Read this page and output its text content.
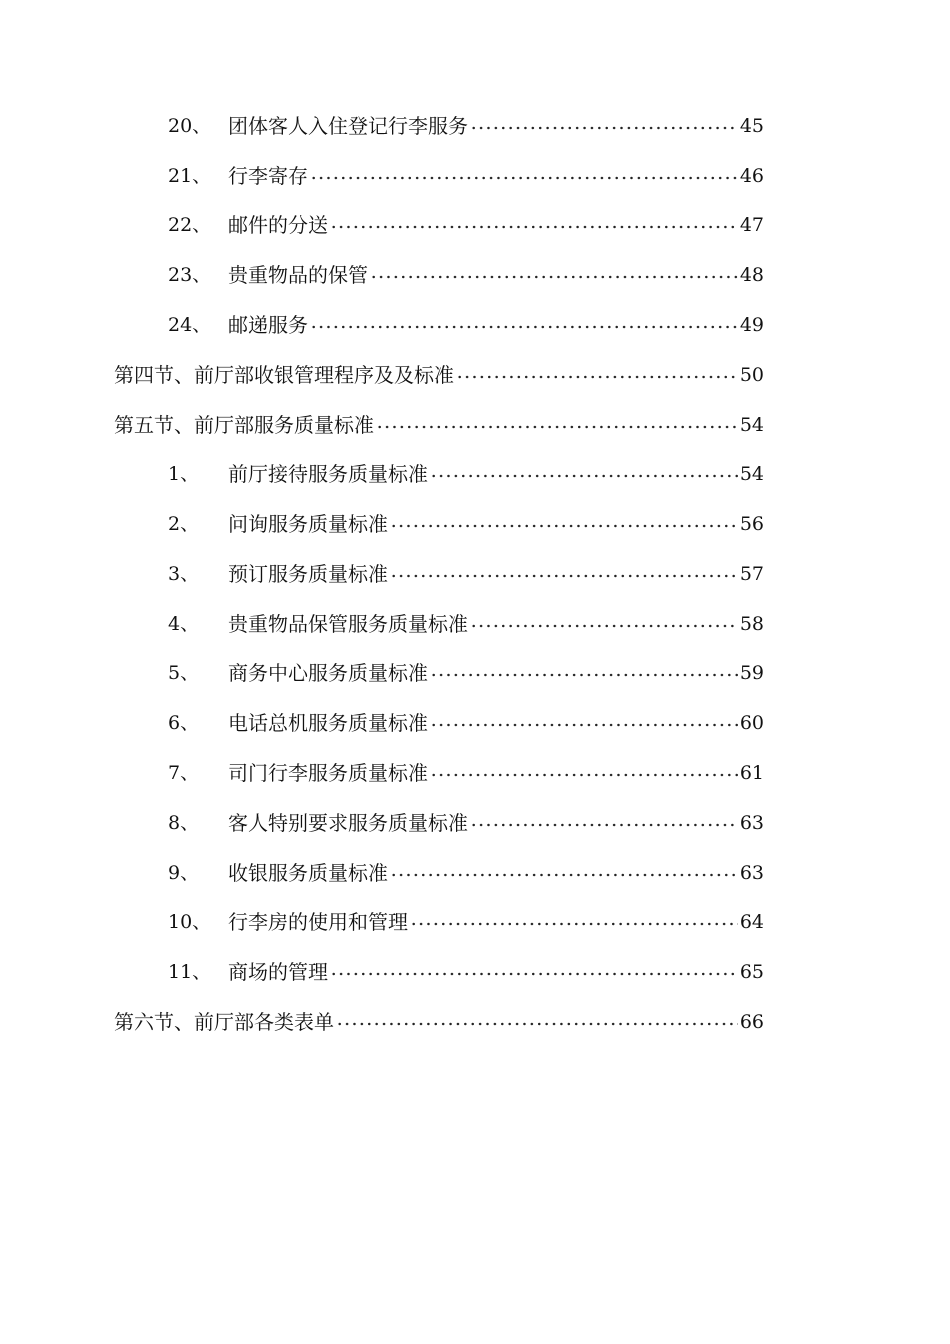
20、 团体客人入住登记行李服务	45
21、 行李寄存	46
22、 邮件的分送	47
23、 贵重物品的保管	48
24、 邮递服务	49
第四节、前厅部收银管理程序及及标准	50
第五节、前厅部服务质量标准	54
1、 前厅接待服务质量标准	54
2、 问询服务质量标准	56
3、 预订服务质量标准	57
4、 贵重物品保管服务质量标准	58
5、 商务中心服务质量标准	59
6、 电话总机服务质量标准	60
7、 司门行李服务质量标准	61
8、 客人特别要求服务质量标准	63
9、 收银服务质量标准	63
10、 行李房的使用和管理	64
11、 商场的管理	65
第六节、前厅部各类表单	66
